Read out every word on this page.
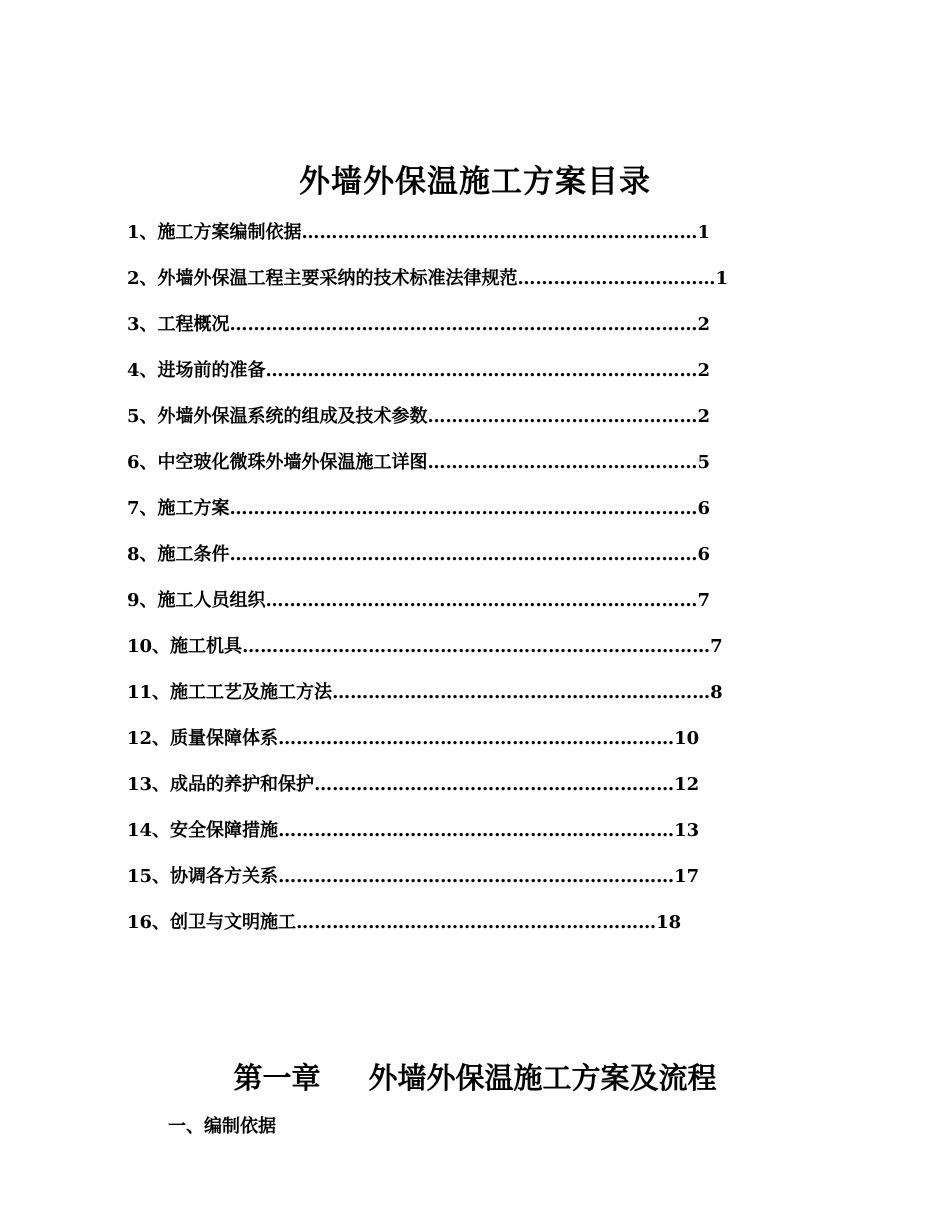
外墙外保温施工方案目录
1、施工方案编制依据…………………………………………………………1
2、外墙外保温工程主要采纳的技术标准法律规范……………………………1
3、工程概况……………………………………………………………………2
4、进场前的准备………………………………………………………………2
5、外墙外保温系统的组成及技术参数………………………………………2
6、中空玻化微珠外墙外保温施工详图………………………………………5
7、施工方案……………………………………………………………………6
8、施工条件……………………………………………………………………6
9、施工人员组织………………………………………………………………7
10、施工机具……………………………………………………………………7
11、施工工艺及施工方法………………………………………………………8
12、质量保障体系…………………………………………………………10
13、成品的养护和保护……………………………………………………12
14、安全保障措施…………………………………………………………13
15、协调各方关系…………………………………………………………17
16、创卫与文明施工……………………………………………………18
第一章 外墙外保温施工方案及流程
一、编制依据
